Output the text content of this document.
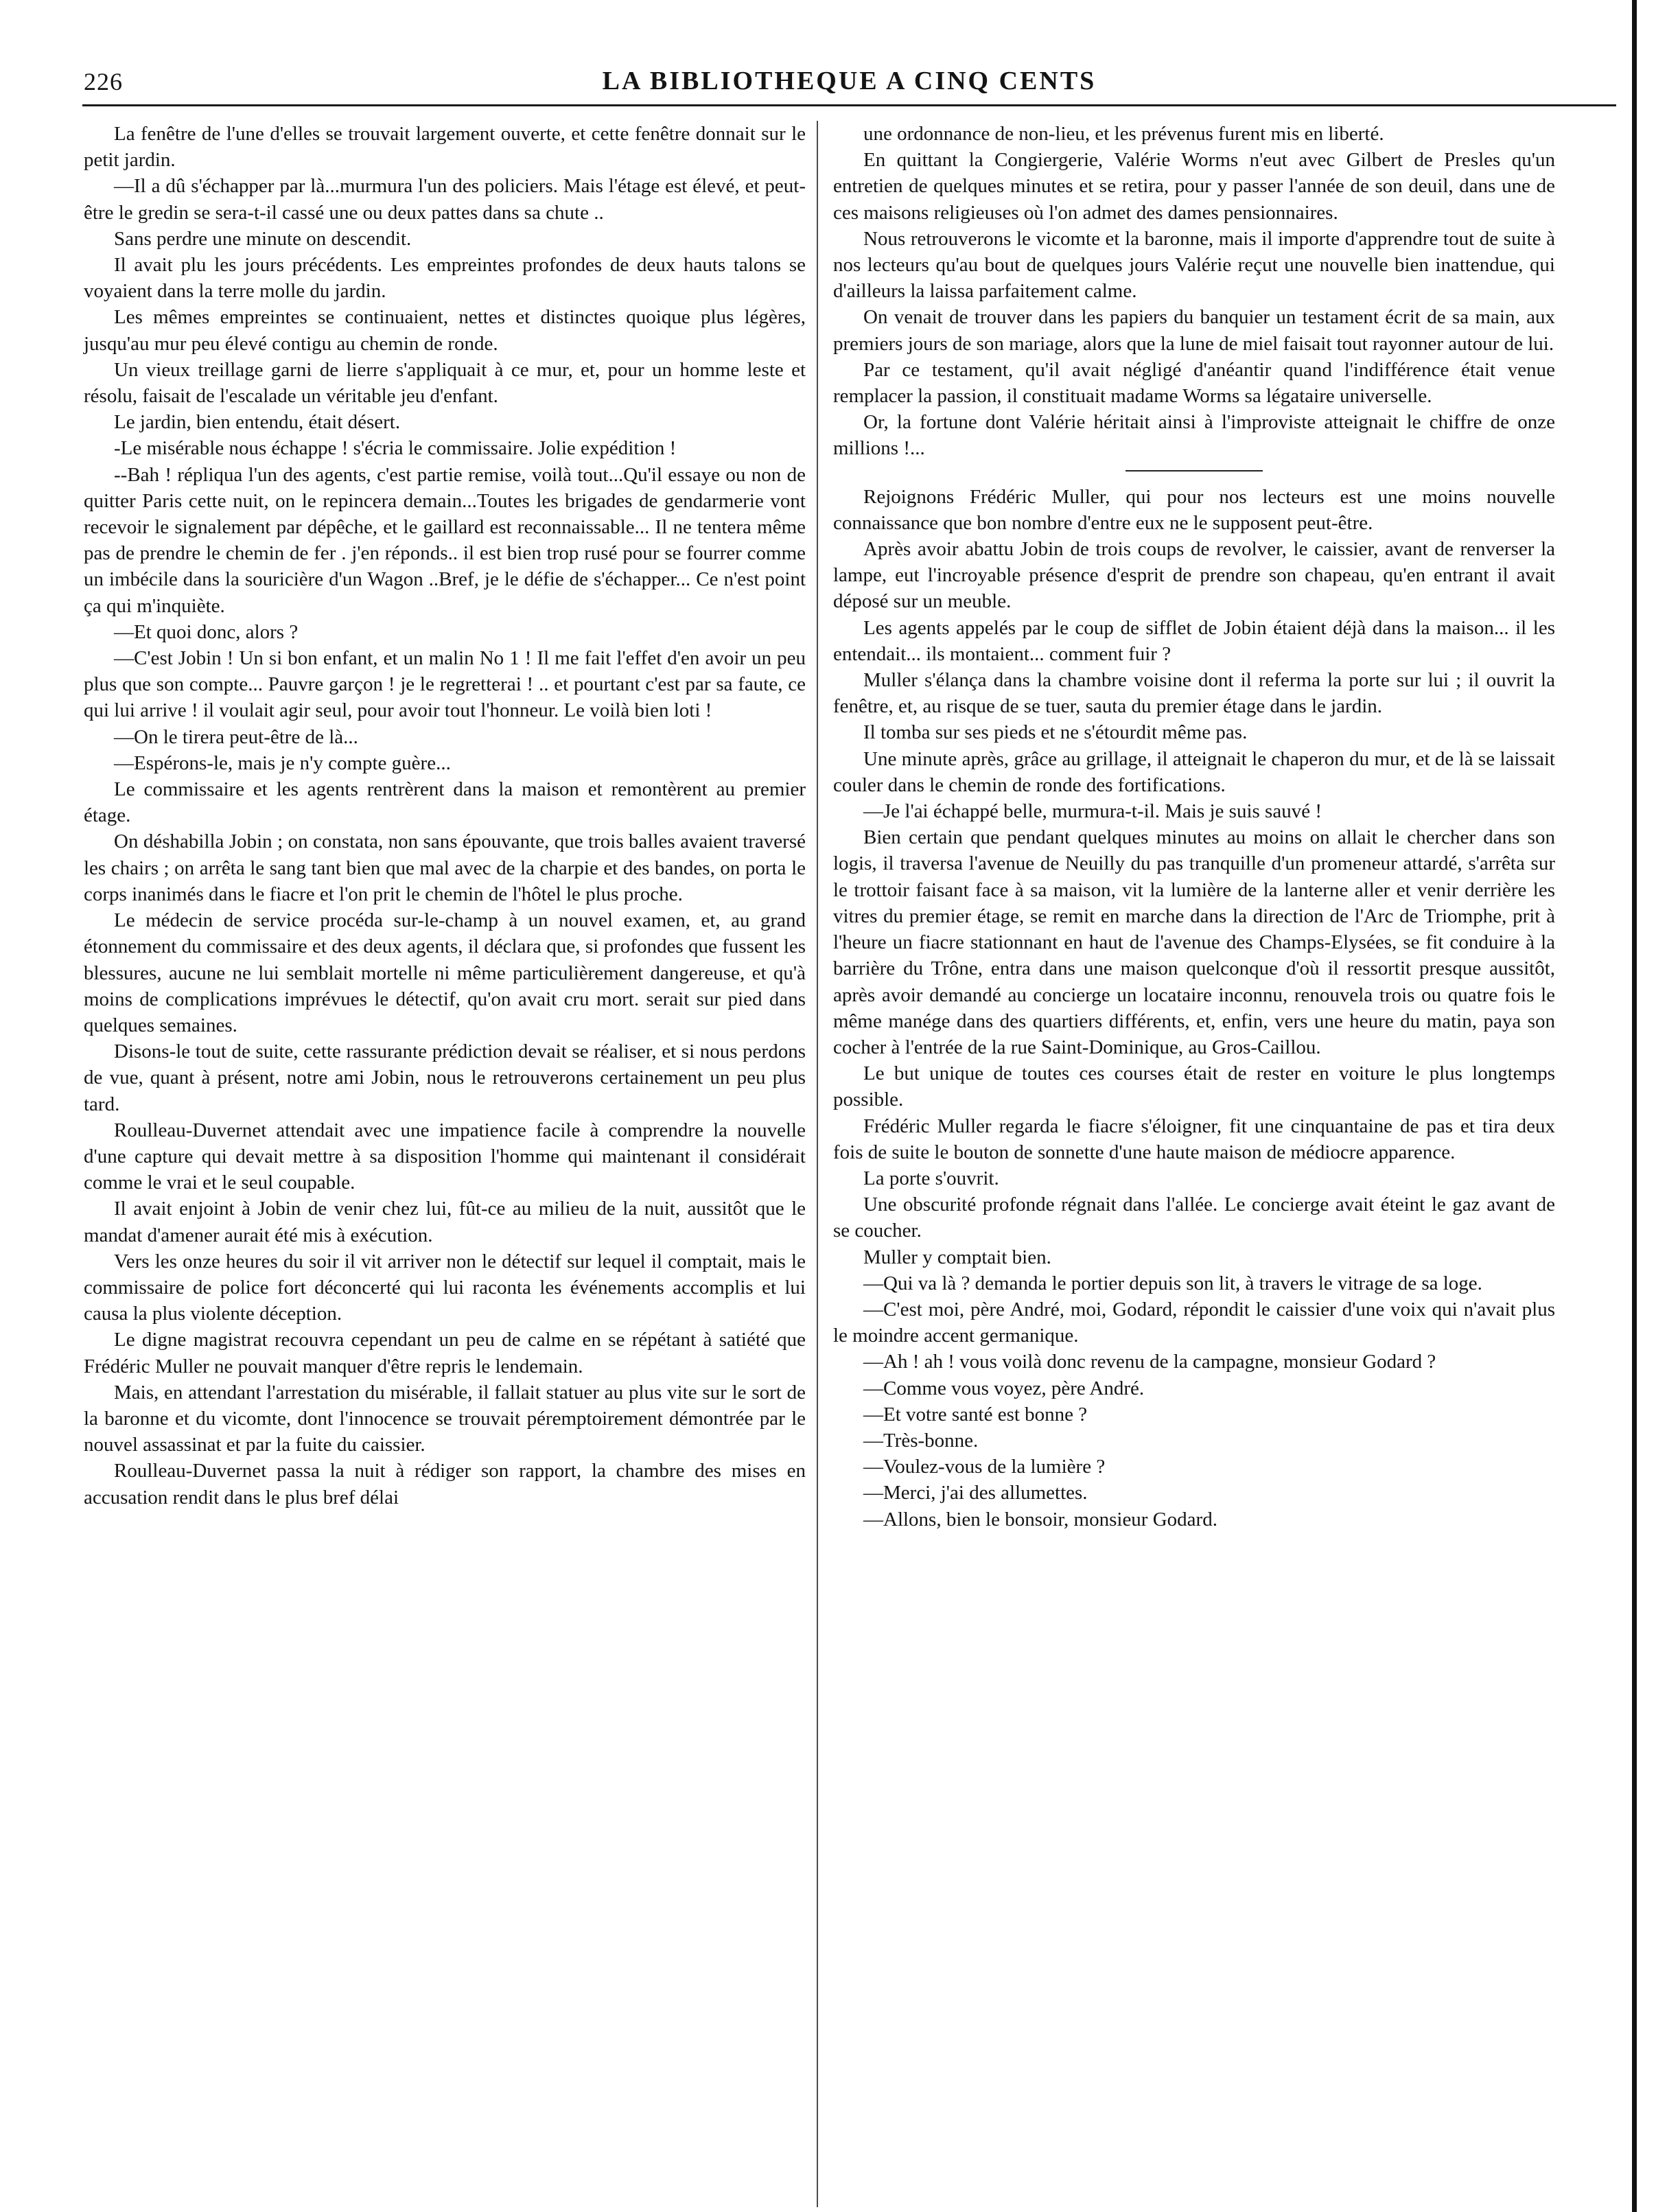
226	LA BIBLIOTHEQUE A CINQ CENTS

La fenêtre de l'une d'elles se trouvait largement ouverte, et cette fenêtre donnait sur le petit jardin.

—Il a dû s'échapper par là...murmura l'un des policiers. Mais l'étage est élevé, et peut-être le gredin se sera-t-il cassé une ou deux pattes dans sa chute ..

Sans perdre une minute on descendit.

Il avait plu les jours précédents. Les empreintes profondes de deux hauts talons se voyaient dans la terre molle du jardin.

Les mêmes empreintes se continuaient, nettes et distinctes quoique plus légères, jusqu'au mur peu élevé contigu au chemin de ronde.

Un vieux treillage garni de lierre s'appliquait à ce mur, et, pour un homme leste et résolu, faisait de l'escalade un véritable jeu d'enfant.

Le jardin, bien entendu, était désert.

-Le misérable nous échappe ! s'écria le commissaire. Jolie expédition !

--Bah ! répliqua l'un des agents, c'est partie remise, voilà tout...Qu'il essaye ou non de quitter Paris cette nuit, on le repincera demain...Toutes les brigades de gendarmerie vont recevoir le signalement par dépêche, et le gaillard est reconnaissable... Il ne tentera même pas de prendre le chemin de fer . j'en réponds.. il est bien trop rusé pour se fourrer comme un imbécile dans la souricière d'un Wagon ..Bref, je le défie de s'échapper... Ce n'est point ça qui m'inquiète.

—Et quoi donc, alors ?

—C'est Jobin ! Un si bon enfant, et un malin No 1 ! Il me fait l'effet d'en avoir un peu plus que son compte... Pauvre garçon ! je le regretterai ! .. et pourtant c'est par sa faute, ce qui lui arrive ! il voulait agir seul, pour avoir tout l'honneur. Le voilà bien loti !

—On le tirera peut-être de là...

—Espérons-le, mais je n'y compte guère...

Le commissaire et les agents rentrèrent dans la maison et remontèrent au premier étage.

On déshabilla Jobin ; on constata, non sans épouvante, que trois balles avaient traversé les chairs ; on arrêta le sang tant bien que mal avec de la charpie et des bandes, on porta le corps inanimés dans le fiacre et l'on prit le chemin de l'hôtel le plus proche.

Le médecin de service procéda sur-le-champ à un nouvel examen, et, au grand étonnement du commissaire et des deux agents, il déclara que, si profondes que fussent les blessures, aucune ne lui semblait mortelle ni même particulièrement dangereuse, et qu'à moins de complications imprévues le détectif, qu'on avait cru mort. serait sur pied dans quelques semaines.

Disons-le tout de suite, cette rassurante prédiction devait se réaliser, et si nous perdons de vue, quant à présent, notre ami Jobin, nous le retrouverons certainement un peu plus tard.

Roulleau-Duvernet attendait avec une impatience facile à comprendre la nouvelle d'une capture qui devait mettre à sa disposition l'homme qui maintenant il considérait comme le vrai et le seul coupable.

Il avait enjoint à Jobin de venir chez lui, fût-ce au milieu de la nuit, aussitôt que le mandat d'amener aurait été mis à exécution.

Vers les onze heures du soir il vit arriver non le détectif sur lequel il comptait, mais le commissaire de police fort déconcerté qui lui raconta les événements accomplis et lui causa la plus violente déception.

Le digne magistrat recouvra cependant un peu de calme en se répétant à satiété que Frédéric Muller ne pouvait manquer d'être repris le lendemain.

Mais, en attendant l'arrestation du misérable, il fallait statuer au plus vite sur le sort de la baronne et du vicomte, dont l'innocence se trouvait péremptoirement démontrée par le nouvel assassinat et par la fuite du caissier.

Roulleau-Duvernet passa la nuit à rédiger son rapport, la chambre des mises en accusation rendit dans le plus bref délai

une ordonnance de non-lieu, et les prévenus furent mis en liberté.

En quittant la Congiergerie, Valérie Worms n'eut avec Gilbert de Presles qu'un entretien de quelques minutes et se retira, pour y passer l'année de son deuil, dans une de ces maisons religieuses où l'on admet des dames pensionnaires.

Nous retrouverons le vicomte et la baronne, mais il importe d'apprendre tout de suite à nos lecteurs qu'au bout de quelques jours Valérie reçut une nouvelle bien inattendue, qui d'ailleurs la laissa parfaitement calme.

On venait de trouver dans les papiers du banquier un testament écrit de sa main, aux premiers jours de son mariage, alors que la lune de miel faisait tout rayonner autour de lui.

Par ce testament, qu'il avait négligé d'anéantir quand l'indifférence était venue remplacer la passion, il constituait madame Worms sa légataire universelle.

Or, la fortune dont Valérie héritait ainsi à l'improviste atteignait le chiffre de onze millions !...

Rejoignons Frédéric Muller, qui pour nos lecteurs est une moins nouvelle connaissance que bon nombre d'entre eux ne le supposent peut-être.

Après avoir abattu Jobin de trois coups de revolver, le caissier, avant de renverser la lampe, eut l'incroyable présence d'esprit de prendre son chapeau, qu'en entrant il avait déposé sur un meuble.

Les agents appelés par le coup de sifflet de Jobin étaient déjà dans la maison... il les entendait... ils montaient... comment fuir ?

Muller s'élança dans la chambre voisine dont il referma la porte sur lui ; il ouvrit la fenêtre, et, au risque de se tuer, sauta du premier étage dans le jardin.

Il tomba sur ses pieds et ne s'étourdit même pas.

Une minute après, grâce au grillage, il atteignait le chaperon du mur, et de là se laissait couler dans le chemin de ronde des fortifications.

—Je l'ai échappé belle, murmura-t-il. Mais je suis sauvé !

Bien certain que pendant quelques minutes au moins on allait le chercher dans son logis, il traversa l'avenue de Neuilly du pas tranquille d'un promeneur attardé, s'arrêta sur le trottoir faisant face à sa maison, vit la lumière de la lanterne aller et venir derrière les vitres du premier étage, se remit en marche dans la direction de l'Arc de Triomphe, prit à l'heure un fiacre stationnant en haut de l'avenue des Champs-Elysées, se fit conduire à la barrière du Trône, entra dans une maison quelconque d'où il ressortit presque aussitôt, après avoir demandé au concierge un locataire inconnu, renouvela trois ou quatre fois le même manége dans des quartiers différents, et, enfin, vers une heure du matin, paya son cocher à l'entrée de la rue Saint-Dominique, au Gros-Caillou.

Le but unique de toutes ces courses était de rester en voiture le plus longtemps possible.

Frédéric Muller regarda le fiacre s'éloigner, fit une cinquantaine de pas et tira deux fois de suite le bouton de sonnette d'une haute maison de médiocre apparence.

La porte s'ouvrit.

Une obscurité profonde régnait dans l'allée. Le concierge avait éteint le gaz avant de se coucher.

Muller y comptait bien.

—Qui va là ? demanda le portier depuis son lit, à travers le vitrage de sa loge.

—C'est moi, père André, moi, Godard, répondit le caissier d'une voix qui n'avait plus le moindre accent germanique.

—Ah ! ah ! vous voilà donc revenu de la campagne, monsieur Godard ?

—Comme vous voyez, père André.

—Et votre santé est bonne ?

—Très-bonne.

—Voulez-vous de la lumière ?

—Merci, j'ai des allumettes.

—Allons, bien le bonsoir, monsieur Godard.
